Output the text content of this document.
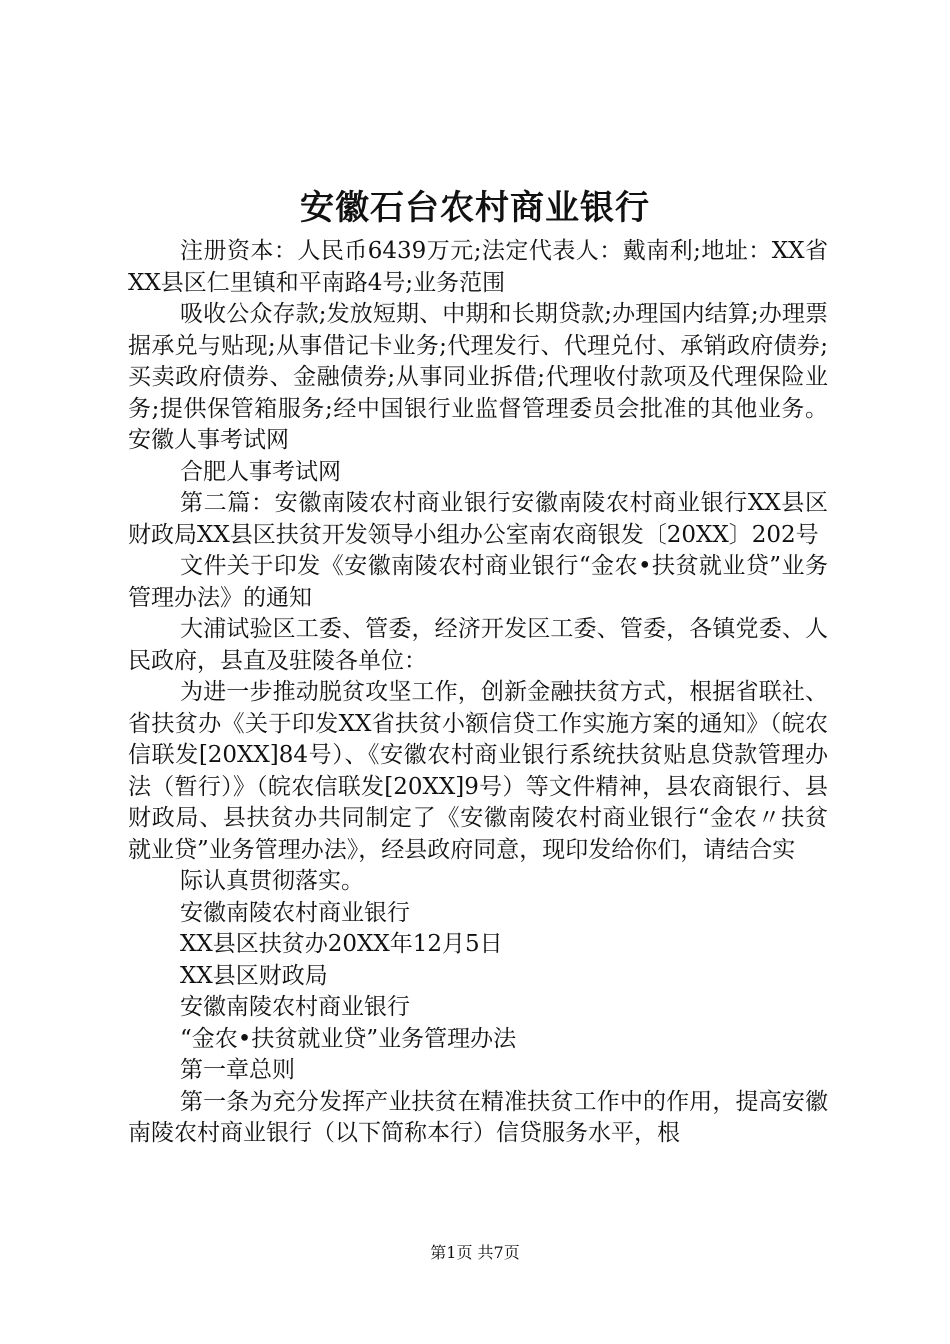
安徽石台农村商业银行

注册资本：人民币6439万元;法定代表人：戴南利;地址：XX省XX县区仁里镇和平南路4号;业务范围

吸收公众存款;发放短期、中期和长期贷款;办理国内结算;办理票据承兑与贴现;从事借记卡业务;代理发行、代理兑付、承销政府债券;买卖政府债券、金融债券;从事同业拆借;代理收付款项及代理保险业务;提供保管箱服务;经中国银行业监督管理委员会批准的其他业务。安徽人事考试网

合肥人事考试网

第二篇：安徽南陵农村商业银行安徽南陵农村商业银行XX县区财政局XX县区扶贫开发领导小组办公室南农商银发〔20XX〕202号

文件关于印发《安徽南陵农村商业银行“金农•扶贫就业贷”业务管理办法》的通知

大浦试验区工委、管委，经济开发区工委、管委，各镇党委、人民政府，县直及驻陵各单位：

为进一步推动脱贫攻坚工作，创新金融扶贫方式，根据省联社、省扶贫办《关于印发XX省扶贫小额信贷工作实施方案的通知》（皖农信联发[20XX]84号）、《安徽农村商业银行系统扶贫贴息贷款管理办法（暂行）》（皖农信联发[20XX]9号）等文件精神，县农商银行、县财政局、县扶贫办共同制定了《安徽南陵农村商业银行“金农〃扶贫就业贷”业务管理办法》，经县政府同意，现印发给你们，请结合实

际认真贯彻落实。

安徽南陵农村商业银行

XX县区扶贫办20XX年12月5日

XX县区财政局

安徽南陵农村商业银行

“金农•扶贫就业贷”业务管理办法

第一章总则

第一条为充分发挥产业扶贫在精准扶贫工作中的作用，提高安徽南陵农村商业银行（以下简称本行）信贷服务水平，根

第1页 共7页
